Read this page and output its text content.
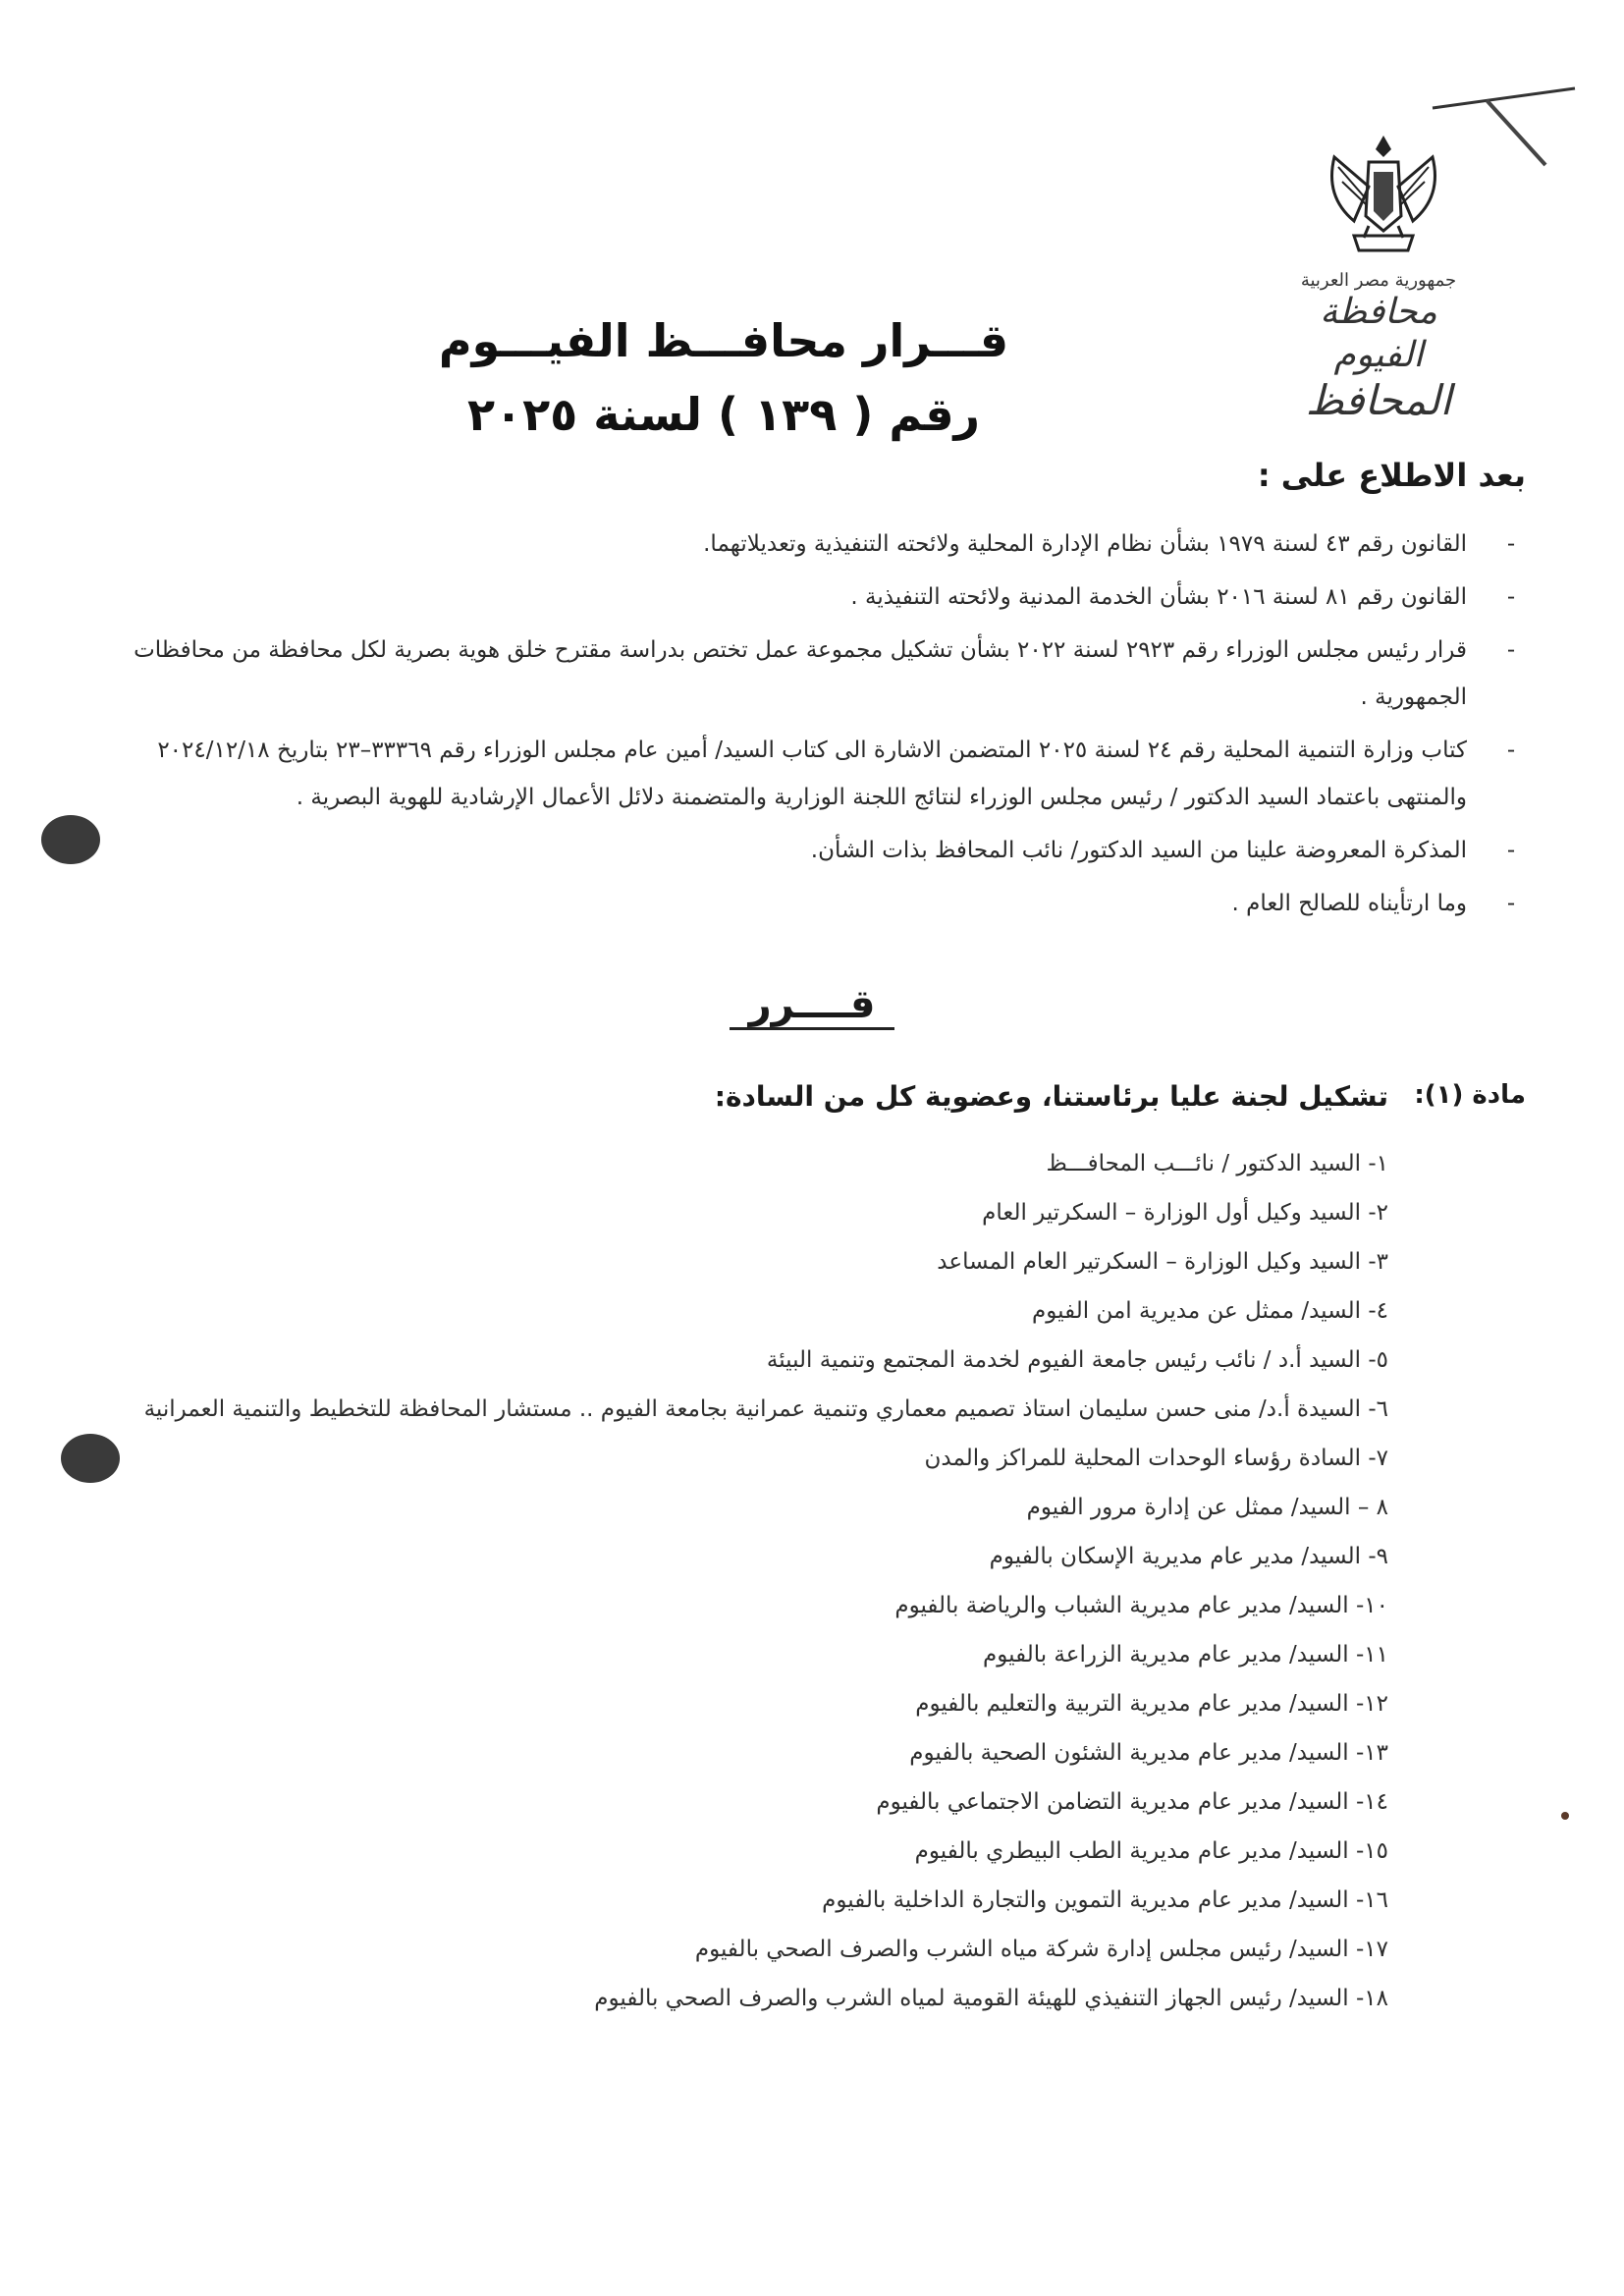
جمهورية مصر العربية
محافظة الفيوم
المحافظ
قـــرار محافـــظ الفيـــوم
رقم ( ١٣٩ ) لسنة ٢٠٢٥
بعد الاطلاع على :
-
القانون رقم ٤٣ لسنة ١٩٧٩ بشأن نظام الإدارة المحلية ولائحته التنفيذية وتعديلاتهما.
-
القانون رقم ٨١ لسنة ٢٠١٦ بشأن الخدمة المدنية ولائحته التنفيذية .
-
قرار رئيس مجلس الوزراء رقم ٢٩٢٣ لسنة ٢٠٢٢ بشأن تشكيل مجموعة عمل تختص بدراسة مقترح خلق هوية بصرية لكل محافظة من محافظات الجمهورية .
-
كتاب وزارة التنمية المحلية رقم ٢٤ لسنة ٢٠٢٥ المتضمن الاشارة الى كتاب السيد/ أمين عام مجلس الوزراء رقم ٣٣٣٦٩–٢٣ بتاريخ ٢٠٢٤/١٢/١٨ والمنتهى باعتماد السيد الدكتور / رئيس مجلس الوزراء لنتائج اللجنة الوزارية والمتضمنة دلائل الأعمال الإرشادية للهوية البصرية .
-
المذكرة المعروضة علينا من السيد الدكتور/ نائب المحافظ بذات الشأن.
-
وما ارتأيناه للصالح العام .
قــــرر
مادة (١):
تشكيل لجنة عليا برئاستنا، وعضوية كل من السادة:
١- السيد الدكتور / نائـــب المحافـــظ
٢- السيد وكيل أول الوزارة – السكرتير العام
٣- السيد وكيل الوزارة – السكرتير العام المساعد
٤- السيد/ ممثل عن مديرية امن الفيوم
٥- السيد أ.د / نائب رئيس جامعة الفيوم لخدمة المجتمع وتنمية البيئة
٦- السيدة أ.د/ منى حسن سليمان استاذ تصميم معماري وتنمية عمرانية بجامعة الفيوم .. مستشار المحافظة للتخطيط والتنمية العمرانية
٧- السادة رؤساء الوحدات المحلية للمراكز والمدن
٨ – السيد/ ممثل عن إدارة مرور الفيوم
٩- السيد/ مدير عام مديرية الإسكان بالفيوم
١٠- السيد/ مدير عام مديرية الشباب والرياضة بالفيوم
١١- السيد/ مدير عام مديرية الزراعة بالفيوم
١٢- السيد/ مدير عام مديرية التربية والتعليم بالفيوم
١٣- السيد/ مدير عام مديرية الشئون الصحية بالفيوم
١٤- السيد/ مدير عام مديرية التضامن الاجتماعي بالفيوم
١٥- السيد/ مدير عام مديرية الطب البيطري بالفيوم
١٦- السيد/ مدير عام مديرية التموين والتجارة الداخلية بالفيوم
١٧- السيد/ رئيس مجلس إدارة شركة مياه الشرب والصرف الصحي بالفيوم
١٨- السيد/ رئيس الجهاز التنفيذي للهيئة القومية لمياه الشرب والصرف الصحي بالفيوم
